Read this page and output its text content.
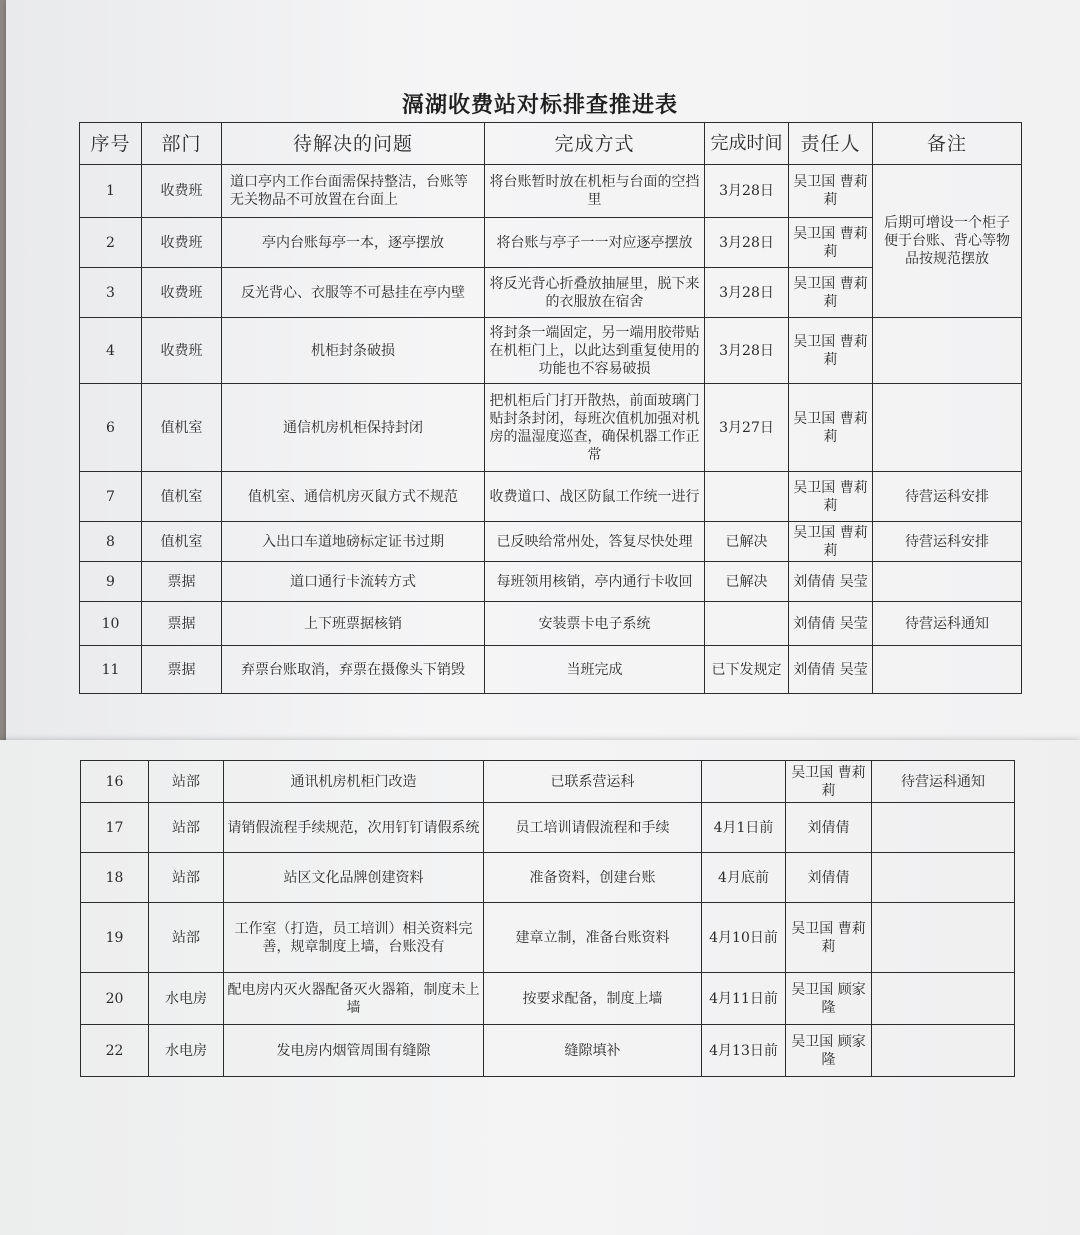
滆湖收费站对标排查推进表
序号	部门	待解决的问题	完成方式	完成时间	责任人	备注
1	收费班	道口亭内工作台面需保持整洁，台账等无关物品不可放置在台面上	将台账暂时放在机柜与台面的空挡里	3月28日	吴卫国 曹莉莉	后期可增设一个柜子便于台账、背心等物品按规范摆放
2	收费班	亭内台账每亭一本，逐亭摆放	将台账与亭子一一对应逐亭摆放	3月28日	吴卫国 曹莉莉	
3	收费班	反光背心、衣服等不可悬挂在亭内壁	将反光背心折叠放抽屉里，脱下来的衣服放在宿舍	3月28日	吴卫国 曹莉莉	
4	收费班	机柜封条破损	将封条一端固定，另一端用胶带贴在机柜门上，以此达到重复使用的功能也不容易破损	3月28日	吴卫国 曹莉莉	
6	值机室	通信机房机柜保持封闭	把机柜后门打开散热，前面玻璃门贴封条封闭，每班次值机加强对机房的温湿度巡查，确保机器工作正常	3月27日	吴卫国 曹莉莉	
7	值机室	值机室、通信机房灭鼠方式不规范	收费道口、战区防鼠工作统一进行		吴卫国 曹莉莉	待营运科安排
8	值机室	入出口车道地磅标定证书过期	已反映给常州处，答复尽快处理	已解决	吴卫国 曹莉莉	待营运科安排
9	票据	道口通行卡流转方式	每班领用核销，亭内通行卡收回	已解决	刘倩倩 吴莹	
10	票据	上下班票据核销	安装票卡电子系统		刘倩倩 吴莹	待营运科通知
11	票据	弃票台账取消，弃票在摄像头下销毁	当班完成	已下发规定	刘倩倩 吴莹	
16	站部	通讯机房机柜门改造	已联系营运科		吴卫国 曹莉莉	待营运科通知
17	站部	请销假流程手续规范，次用钉钉请假系统	员工培训请假流程和手续	4月1日前	刘倩倩	
18	站部	站区文化品牌创建资料	准备资料，创建台账	4月底前	刘倩倩	
19	站部	工作室（打造，员工培训）相关资料完善，规章制度上墙，台账没有	建章立制，准备台账资料	4月10日前	吴卫国 曹莉莉	
20	水电房	配电房内灭火器配备灭火器箱，制度未上墙	按要求配备，制度上墙	4月11日前	吴卫国 顾家隆	
22	水电房	发电房内烟管周围有缝隙	缝隙填补	4月13日前	吴卫国 顾家隆	
